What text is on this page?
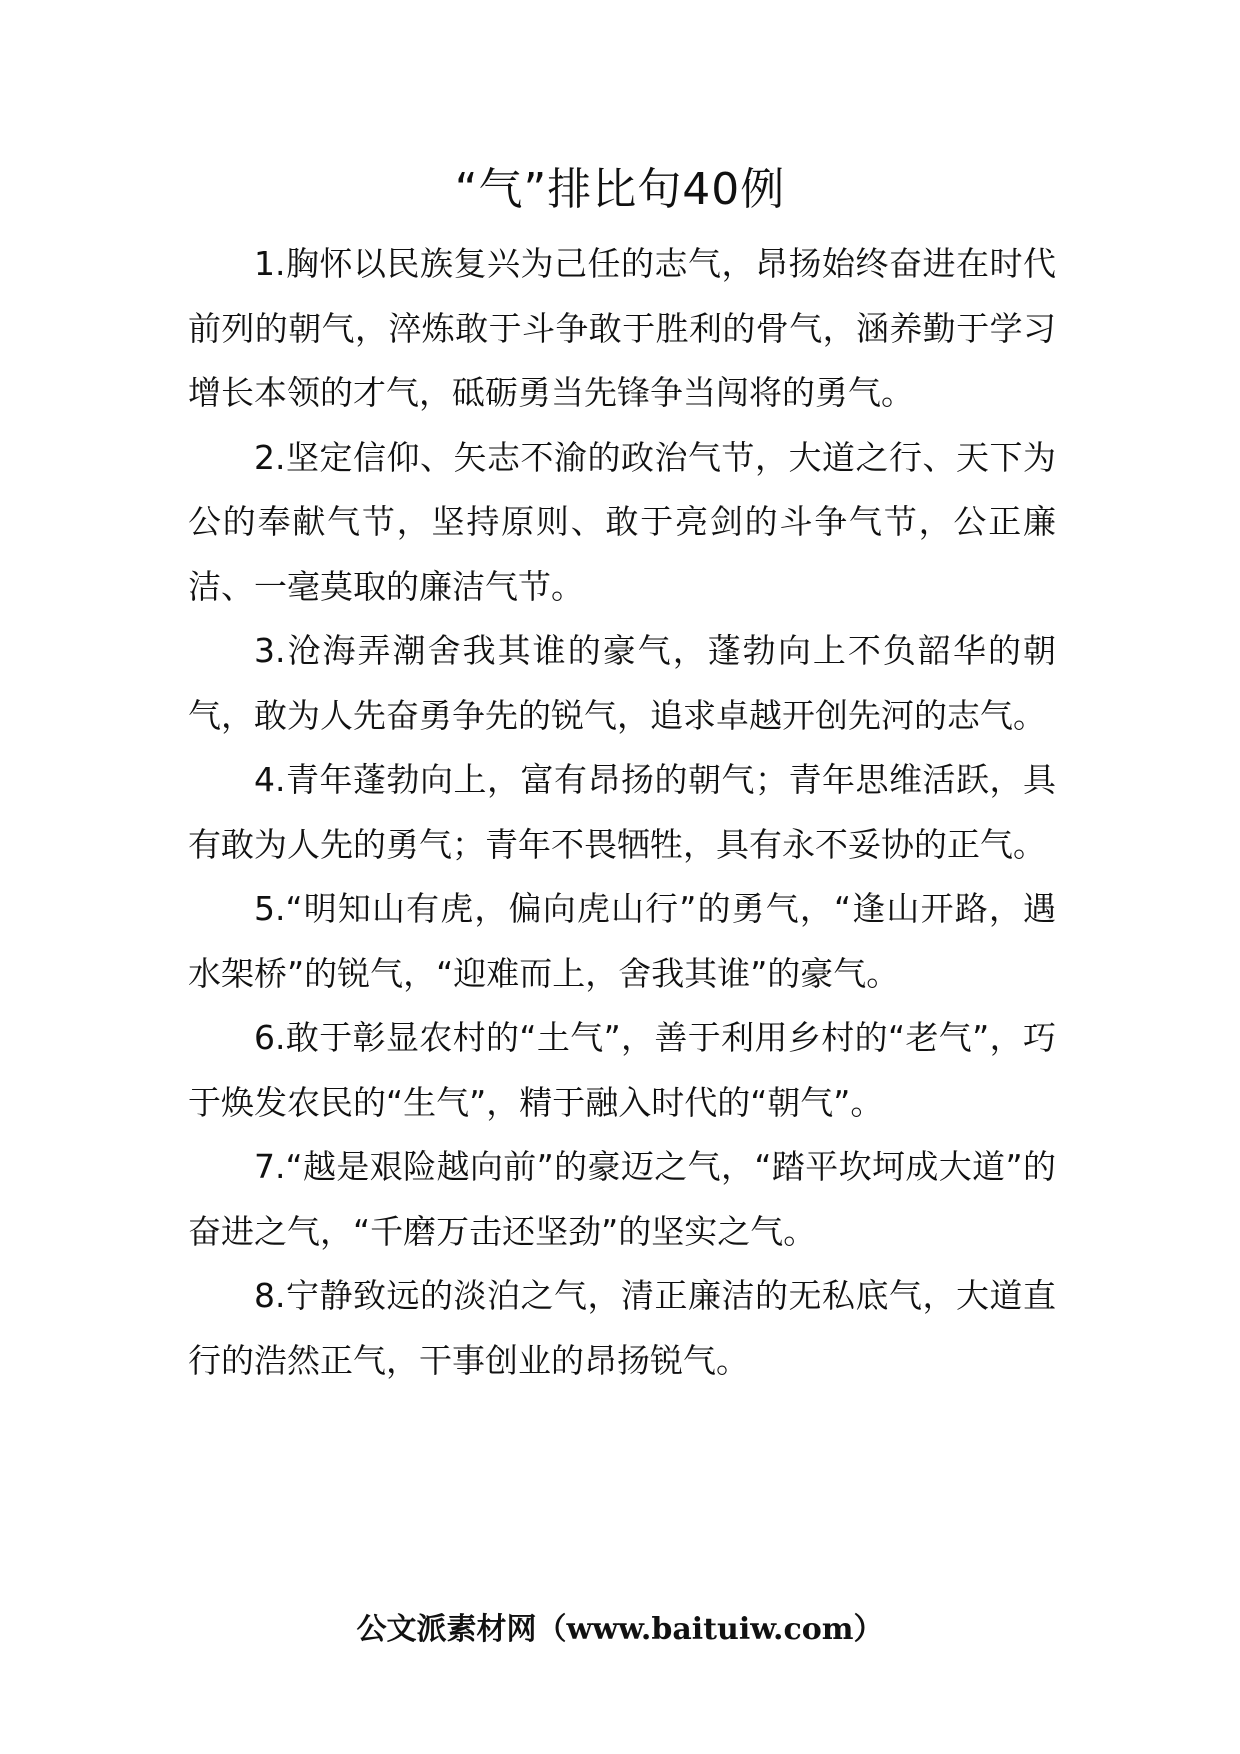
“气”排比句40例

1.胸怀以民族复兴为己任的志气，昂扬始终奋进在时代前列的朝气，淬炼敢于斗争敢于胜利的骨气，涵养勤于学习增长本领的才气，砥砺勇当先锋争当闯将的勇气。

2.坚定信仰、矢志不渝的政治气节，大道之行、天下为公的奉献气节，坚持原则、敢于亮剑的斗争气节，公正廉洁、一毫莫取的廉洁气节。

3.沧海弄潮舍我其谁的豪气，蓬勃向上不负韶华的朝气，敢为人先奋勇争先的锐气，追求卓越开创先河的志气。

4.青年蓬勃向上，富有昂扬的朝气；青年思维活跃，具有敢为人先的勇气；青年不畏牺牲，具有永不妥协的正气。

5.“明知山有虎，偏向虎山行”的勇气，“逢山开路，遇水架桥”的锐气，“迎难而上，舍我其谁”的豪气。

6.敢于彰显农村的“土气”，善于利用乡村的“老气”，巧于焕发农民的“生气”，精于融入时代的“朝气”。

7.“越是艰险越向前”的豪迈之气，“踏平坎坷成大道”的奋进之气，“千磨万击还坚劲”的坚实之气。

8.宁静致远的淡泊之气，清正廉洁的无私底气，大道直行的浩然正气，干事创业的昂扬锐气。

公文派素材网（www.baituiw.com）
